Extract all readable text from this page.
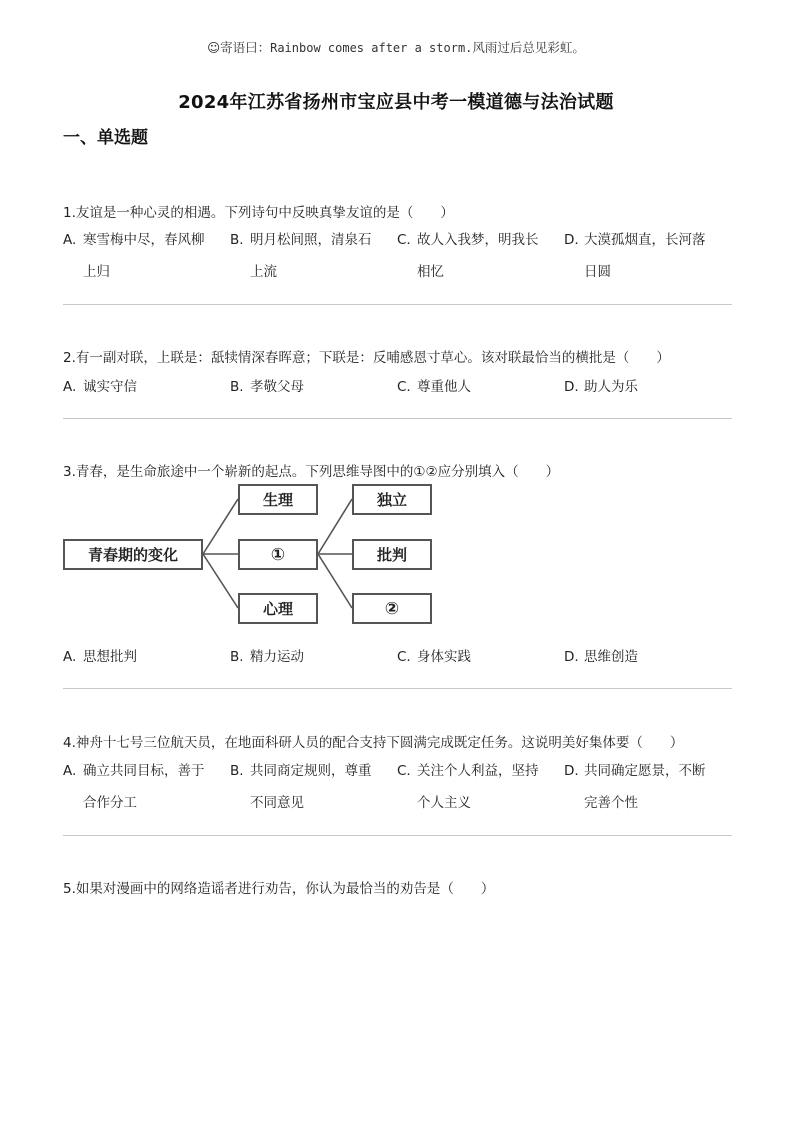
☺寄语曰：Rainbow comes after a storm.风雨过后总见彩虹。
2024年江苏省扬州市宝应县中考一模道德与法治试题
一、单选题
1.友谊是一种心灵的相遇。下列诗句中反映真挚友谊的是（　　）
A. 寒雪梅中尽，春风柳
上归
B. 明月松间照，清泉石
上流
C. 故人入我梦，明我长
相忆
D. 大漠孤烟直，长河落
日圆
2.有一副对联，上联是：舐犊情深春晖意；下联是：反哺感恩寸草心。该对联最恰当的横批是（　　）
A. 诚实守信	B. 孝敬父母	C. 尊重他人	D. 助人为乐
3.青春，是生命旅途中一个崭新的起点。下列思维导图中的①②应分别填入（　　）
青春期的变化
生理
①
心理
独立
批判
②
A. 思想批判	B. 精力运动	C. 身体实践	D. 思维创造
4.神舟十七号三位航天员，在地面科研人员的配合支持下圆满完成既定任务。这说明美好集体要（　　）
A. 确立共同目标，善于
合作分工
B. 共同商定规则，尊重
不同意见
C. 关注个人利益，坚持
个人主义
D. 共同确定愿景，不断
完善个性
5.如果对漫画中的网络造谣者进行劝告，你认为最恰当的劝告是（　　）
